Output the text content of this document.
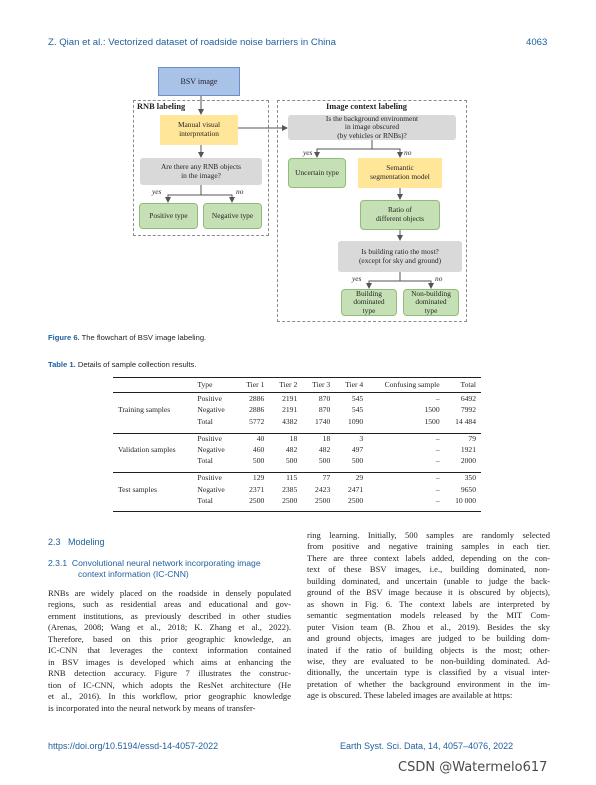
Z. Qian et al.: Vectorized dataset of roadside noise barriers in China	4063
RNB labeling	Image context labeling
BSV image
Manual visual
interpretation
Are there any RNB objects
in the image?
yes	no
Positive type	Negative type
Is the background environment
in image obscured
(by vehicles or RNBs)?
yes	no
Uncertain type	Semantic
segmentation model
Ratio of
different objects
Is building ratio the most?
(except for sky and ground)
yes	no
Building
dominated
type
Non-building
dominated
type
Figure 6. The flowchart of BSV image labeling.
Table 1. Details of sample collection results.
	Type	Tier 1	Tier 2	Tier 3	Tier 4	Confusing sample	Total

	Positive	2886	2191	870	545	–	6492
Training samples	Negative	2886	2191	870	545	1500	7992
	Total	5772	4382	1740	1090	1500	14 484

	Positive	40	18	18	3	–	79
Validation samples	Negative	460	482	482	497	–	1921
	Total	500	500	500	500	–	2000

	Positive	129	115	77	29	–	350
Test samples	Negative	2371	2385	2423	2471	–	9650
	Total	2500	2500	2500	2500	–	10 000
2.3 Modeling
2.3.1 Convolutional neural network incorporating image
context information (IC-CNN)
RNBs are widely placed on the roadside in densely populated
regions, such as residential areas and educational and gov-
ernment institutions, as previously described in other studies
(Arenas, 2008; Wang et al., 2018; K. Zhang et al., 2022).
Therefore, based on this prior geographic knowledge, an
IC-CNN that leverages the context information contained
in BSV images is developed which aims at enhancing the
RNB detection accuracy. Figure 7 illustrates the construc-
tion of IC-CNN, which adopts the ResNet architecture (He
et al., 2016). In this workflow, prior geographic knowledge
is incorporated into the neural network by means of transfer-
ring learning. Initially, 500 samples are randomly selected
from positive and negative training samples in each tier.
There are three context labels added, depending on the con-
text of these BSV images, i.e., building dominated, non-
building dominated, and uncertain (unable to judge the back-
ground of the BSV image because it is obscured by objects),
as shown in Fig. 6. The context labels are interpreted by
semantic segmentation models released by the MIT Com-
puter Vision team (B. Zhou et al., 2019). Besides the sky
and ground objects, images are judged to be building dom-
inated if the ratio of building objects is the most; other-
wise, they are evaluated to be non-building dominated. Ad-
ditionally, the uncertain type is classified by a visual inter-
pretation of whether the background environment in the im-
age is obscured. These labeled images are available at https:
https://doi.org/10.5194/essd-14-4057-2022	Earth Syst. Sci. Data, 14, 4057–4076, 2022
CSDN @Watermelo617
